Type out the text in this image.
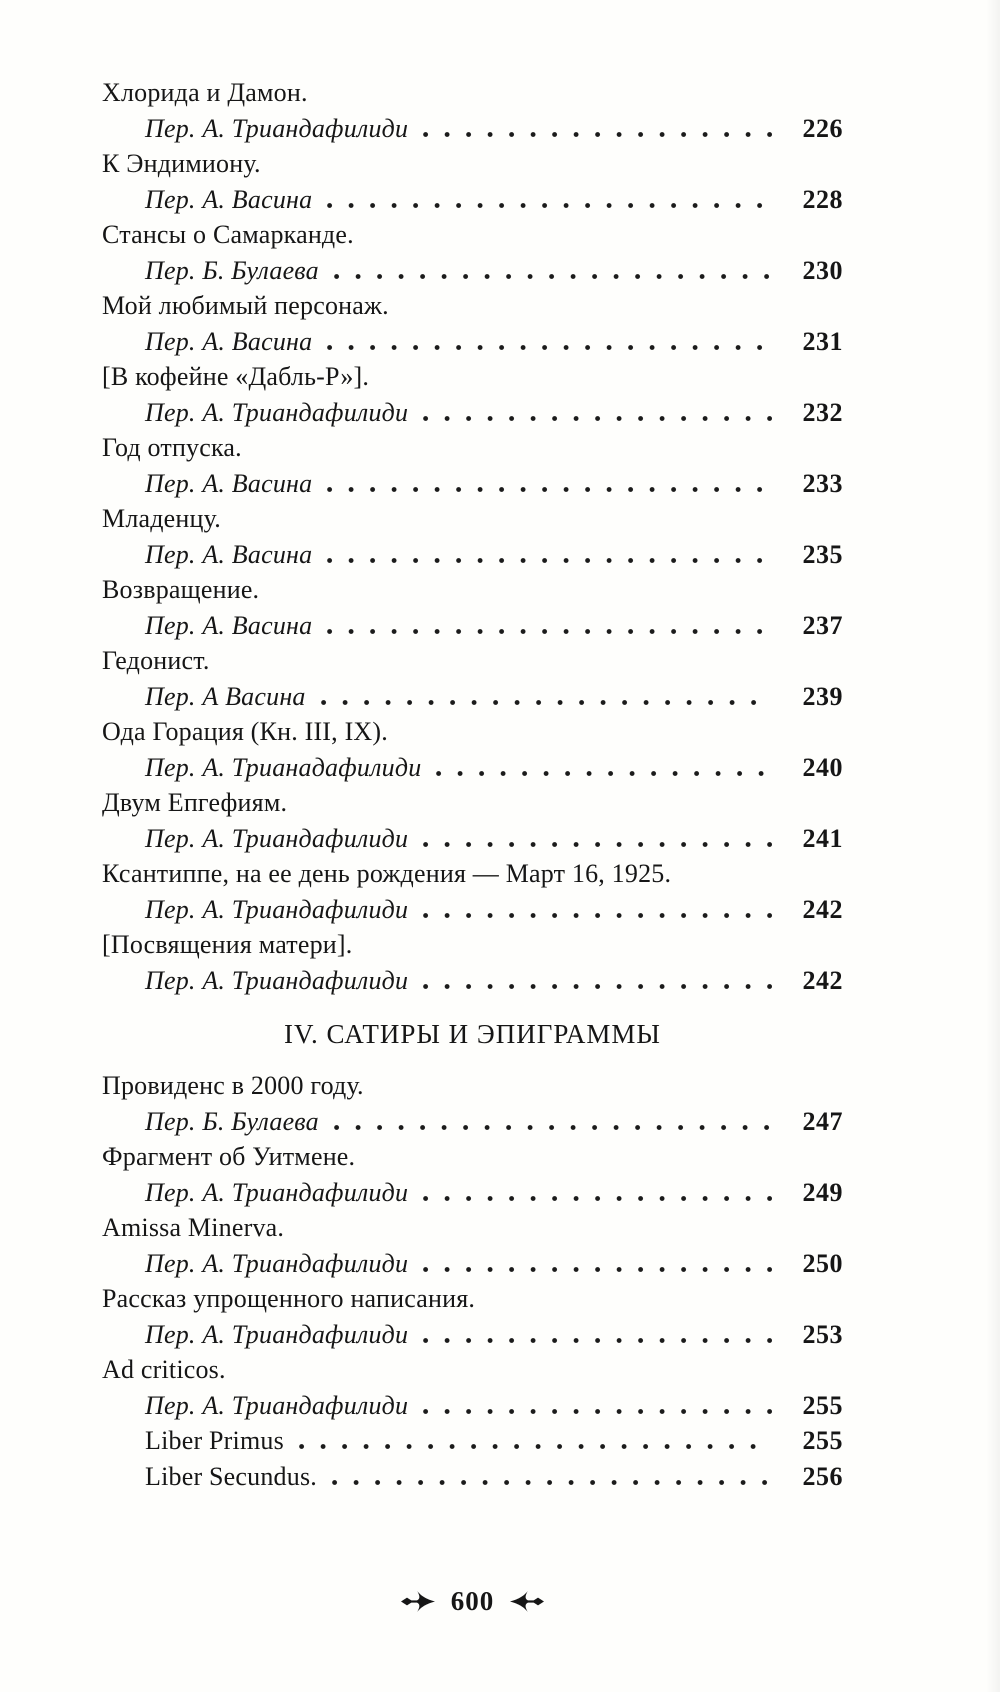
Хлорида и Дамон.
Пер. А. Триандафилиди	226
К Эндимиону.
Пер. А. Васина	228
Стансы о Самарканде.
Пер. Б. Булаева	230
Мой любимый персонаж.
Пер. А. Васина	231
[В кофейне «Дабль-Р»].
Пер. А. Триандафилиди	232
Год отпуска.
Пер. А. Васина	233
Младенцу.
Пер. А. Васина	235
Возвращение.
Пер. А. Васина	237
Гедонист.
Пер. А Васина	239
Ода Горация (Кн. III, IX).
Пер. А. Трианадафилиди	240
Двум Епгефиям.
Пер. А. Триандафилиди	241
Ксантиппе, на ее день рождения — Март 16, 1925.
Пер. А. Триандафилиди	242
[Посвящения матери].
Пер. А. Триандафилиди	242
IV. САТИРЫ И ЭПИГРАММЫ
Провиденс в 2000 году.
Пер. Б. Булаева	247
Фрагмент об Уитмене.
Пер. А. Триандафилиди	249
Amissa Minerva.
Пер. А. Триандафилиди	250
Рассказ упрощенного написания.
Пер. А. Триандафилиди	253
Ad criticos.
Пер. А. Триандафилиди	255
Liber Primus	255
Liber Secundus.	256
600
